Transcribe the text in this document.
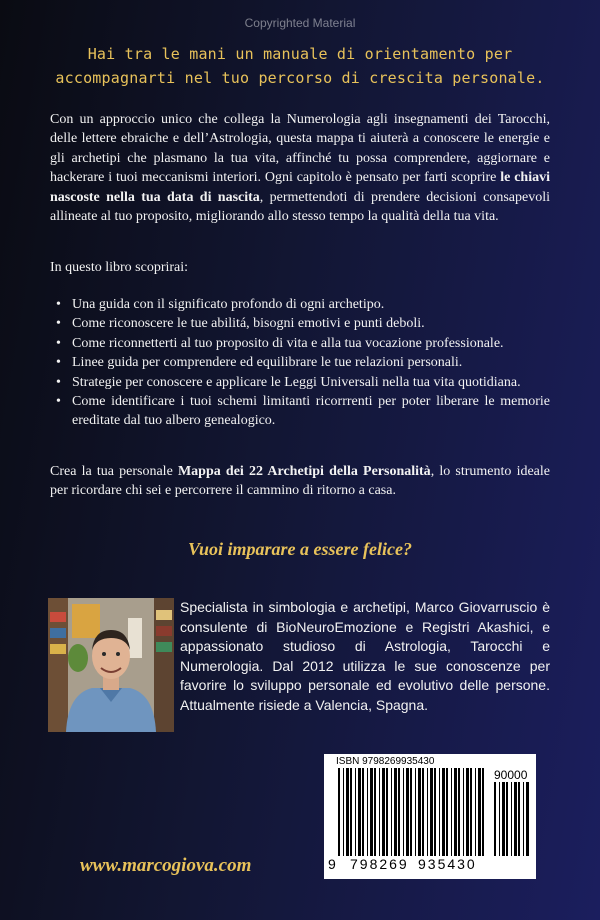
Copyrighted Material
Hai tra le mani un manuale di orientamento per
accompagnarti nel tuo percorso di crescita personale.

Con un approccio unico che collega la Numerologia agli insegnamenti dei Tarocchi, delle lettere ebraiche e dell’Astrologia, questa mappa ti aiuterà a conoscere le energie e gli archetipi che plasmano la tua vita, affinché tu possa comprendere, aggiornare e hackerare i tuoi meccanismi interiori. Ogni capitolo è pensato per farti scoprire le chiavi nascoste nella tua data di nascita, permettendoti di prendere decisioni consapevoli allineate al tuo proposito, migliorando allo stesso tempo la qualità della tua vita.

In questo libro scoprirai:

• Una guida con il significato profondo di ogni archetipo.
• Come riconoscere le tue abilitá, bisogni emotivi e punti deboli.
• Come riconnetterti al tuo proposito di vita e alla tua vocazione professionale.
• Linee guida per comprendere ed equilibrare le tue relazioni personali.
• Strategie per conoscere e applicare le Leggi Universali nella tua vita quotidiana.
• Come identificare i tuoi schemi limitanti ricorrrenti per poter liberare le memorie ereditate dal tuo albero genealogico.

Crea la tua personale Mappa dei 22 Archetipi della Personalità, lo strumento ideale per ricordare chi sei e percorrere il cammino di ritorno a casa.

Vuoi imparare a essere felice?

Specialista in simbologia e archetipi, Marco Giovarruscio è consulente di BioNeuroEmozione e Registri Akashici, e appassionato studioso di Astrologia, Tarocchi e Numerologia. Dal 2012 utilizza le sue conoscenze per favorire lo sviluppo personale ed evolutivo delle persone. Attualmente risiede a Valencia, Spagna.

ISBN 9798269935430
90000
9 798269 935430
www.marcogiova.com
